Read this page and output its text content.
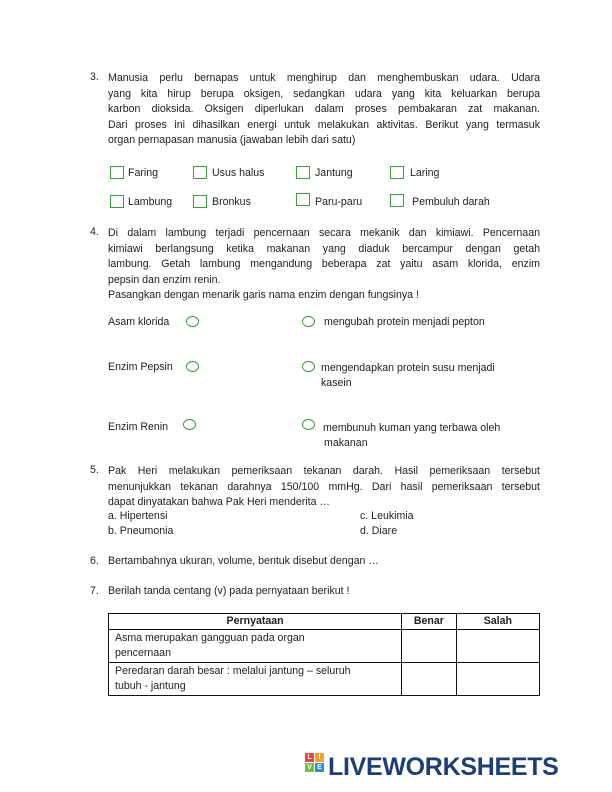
3. Manusia perlu bernapas untuk menghirup dan menghembuskan udara. Udara
yang kita hirup berupa oksigen, sedangkan udara yang kita keluarkan berupa
karbon dioksida. Oksigen diperlukan dalam proses pembakaran zat makanan.
Dari proses ini dihasilkan energi untuk melakukan aktivitas. Berikut yang termasuk
organ pernapasan manusia (jawaban lebih dari satu)
Faring	Usus halus	Jantung	Laring
Lambung	Bronkus	Paru-paru	Pembuluh darah
4. Di dalam lambung terjadi pencernaan secara mekanik dan kimiawi. Pencernaan
kimiawi berlangsung ketika makanan yang diaduk bercampur dengan getah
lambung. Getah lambung mengandung beberapa zat yaitu asam klorida, enzim
pepsin dan enzim renin.
Pasangkan dengan menarik garis nama enzim dengan fungsinya !
Asam klorida
Enzim Pepsin
Enzim Renin
mengubah protein menjadi pepton
mengendapkan protein susu menjadi
kasein
membunuh kuman yang terbawa oleh
makanan
5. Pak Heri melakukan pemeriksaan tekanan darah. Hasil pemeriksaan tersebut
menunjukkan tekanan darahnya 150/100 mmHg. Dari hasil pemeriksaan tersebut
dapat dinyatakan bahwa Pak Heri menderita …
a. Hipertensi	c. Leukimia
b. Pneumonia	d. Diare
6. Bertambahnya ukuran, volume, bentuk disebut dengan …
7. Berilah tanda centang (v) pada pernyataan berikut !
Pernyataan	Benar	Salah

Asma merupakan gangguan pada organ
pencernaan		

Peredaran darah besar : melalui jantung – seluruh
tubuh - jantung		

L I
V E LIVEWORKSHEETS
